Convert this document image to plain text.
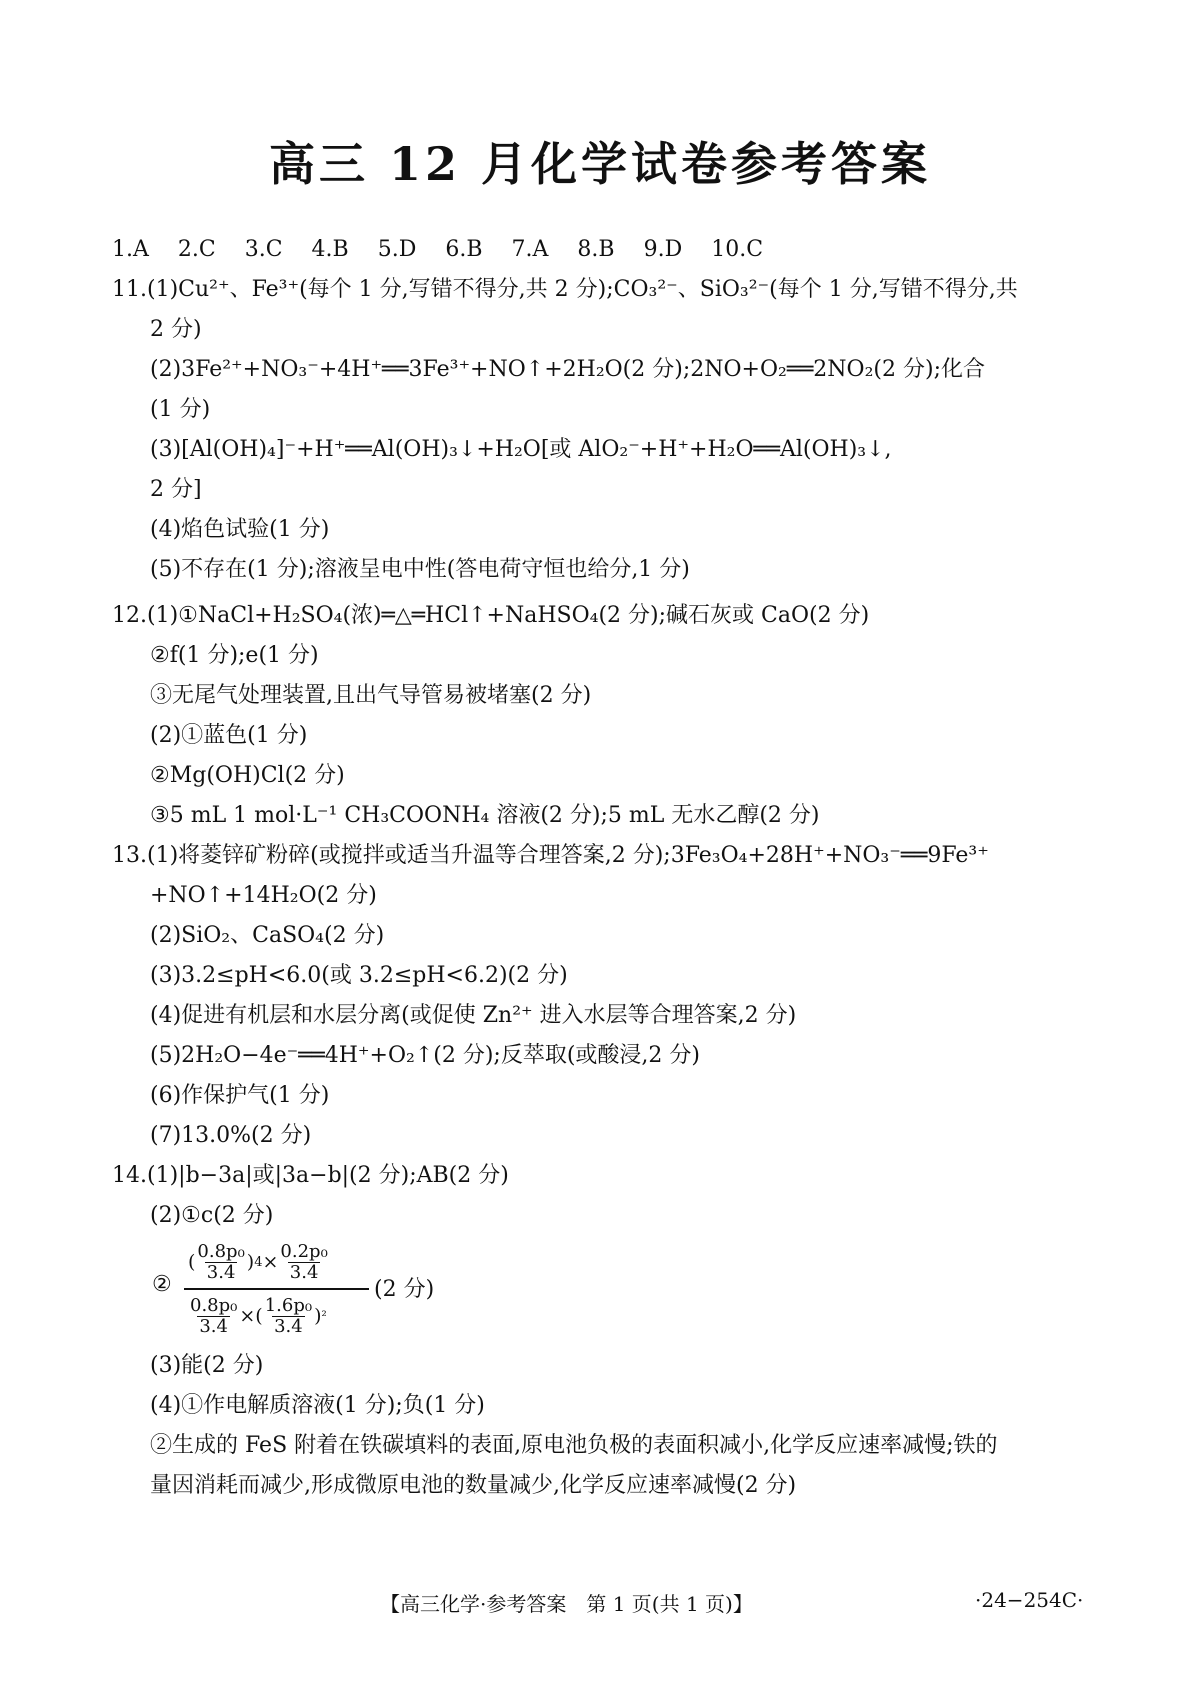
高三 12 月化学试卷参考答案
1.A 2.C 3.C 4.B 5.D 6.B 7.A 8.B 9.D 10.C
11.(1)Cu²⁺、Fe³⁺(每个 1 分,写错不得分,共 2 分);CO₃²⁻、SiO₃²⁻(每个 1 分,写错不得分,共
2 分)
(2)3Fe²⁺+NO₃⁻+4H⁺══3Fe³⁺+NO↑+2H₂O(2 分);2NO+O₂══2NO₂(2 分);化合
(1 分)
(3)[Al(OH)₄]⁻+H⁺══Al(OH)₃↓+H₂O[或 AlO₂⁻+H⁺+H₂O══Al(OH)₃↓,
2 分]
(4)焰色试验(1 分)
(5)不存在(1 分);溶液呈电中性(答电荷守恒也给分,1 分)
12.(1)①NaCl+H₂SO₄(浓)═△═HCl↑+NaHSO₄(2 分);碱石灰或 CaO(2 分)
②f(1 分);e(1 分)
③无尾气处理装置,且出气导管易被堵塞(2 分)
(2)①蓝色(1 分)
②Mg(OH)Cl(2 分)
③5 mL 1 mol·L⁻¹ CH₃COONH₄ 溶液(2 分);5 mL 无水乙醇(2 分)
13.(1)将菱锌矿粉碎(或搅拌或适当升温等合理答案,2 分);3Fe₃O₄+28H⁺+NO₃⁻══9Fe³⁺
+NO↑+14H₂O(2 分)
(2)SiO₂、CaSO₄(2 分)
(3)3.2≤pH<6.0(或 3.2≤pH<6.2)(2 分)
(4)促进有机层和水层分离(或促使 Zn²⁺ 进入水层等合理答案,2 分)
(5)2H₂O−4e⁻══4H⁺+O₂↑(2 分);反萃取(或酸浸,2 分)
(6)作保护气(1 分)
(7)13.0%(2 分)
14.(1)|b−3a|或|3a−b|(2 分);AB(2 分)
(2)①c(2 分)
②
( 0.8p₀
3.4 ) 4 × 0.2p₀
3.4
0.8p₀
3.4 ×( 1.6p₀
3.4 ) ²
(2 分)
(3)能(2 分)
(4)①作电解质溶液(1 分);负(1 分)
②生成的 FeS 附着在铁碳填料的表面,原电池负极的表面积减小,化学反应速率减慢;铁的
量因消耗而减少,形成微原电池的数量减少,化学反应速率减慢(2 分)
【高三化学·参考答案　第 1 页(共 1 页)】	·24−254C·
